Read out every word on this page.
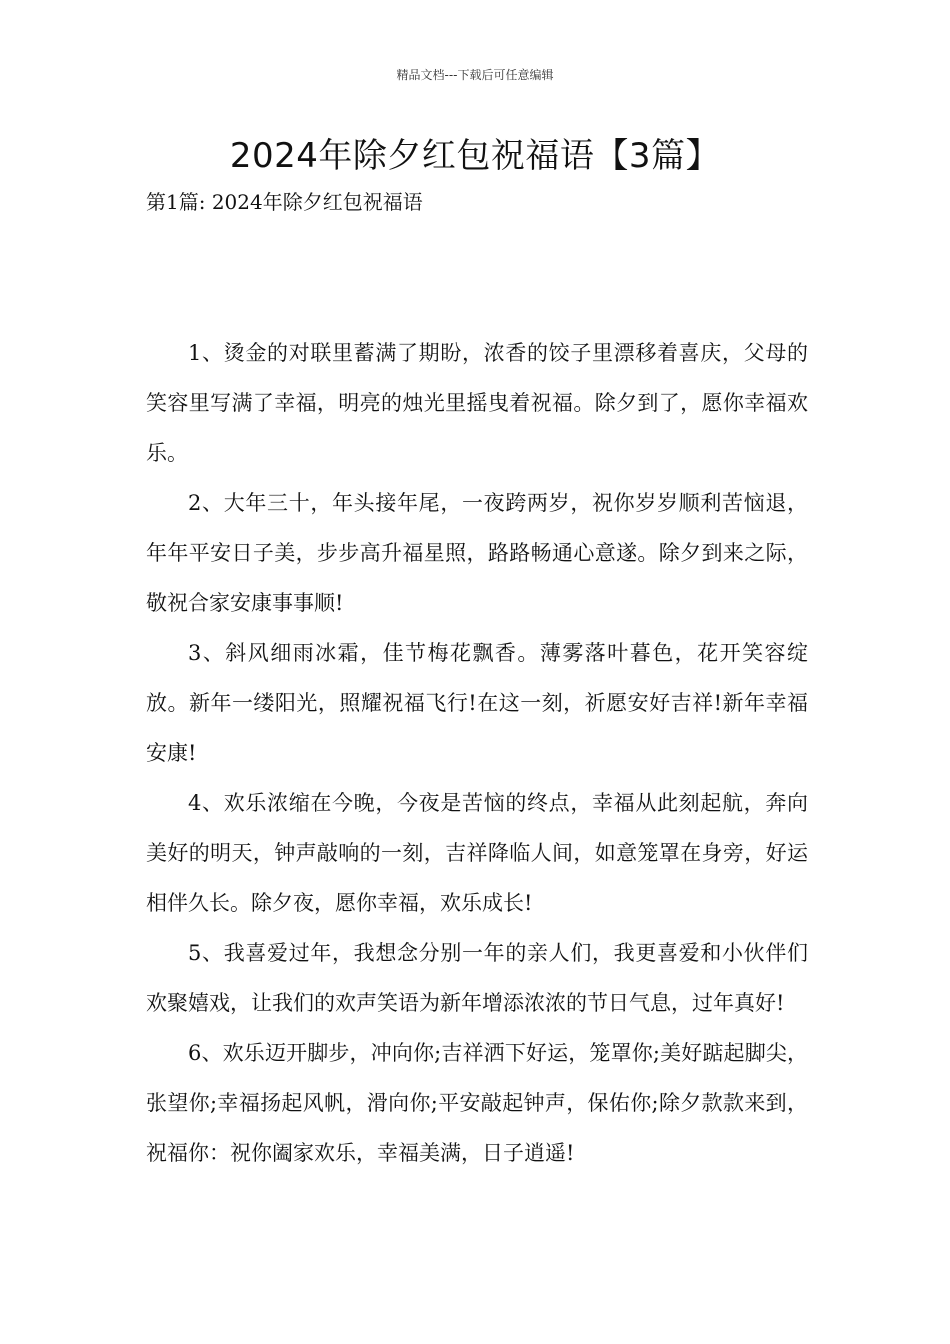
精品文档---下载后可任意编辑
2024年除夕红包祝福语【3篇】
第1篇: 2024年除夕红包祝福语

1、烫金的对联里蓄满了期盼，浓香的饺子里漂移着喜庆，父母的笑容里写满了幸福，明亮的烛光里摇曳着祝福。除夕到了，愿你幸福欢乐。

2、大年三十，年头接年尾，一夜跨两岁，祝你岁岁顺利苦恼退，年年平安日子美，步步高升福星照，路路畅通心意遂。除夕到来之际，敬祝合家安康事事顺!

3、斜风细雨冰霜，佳节梅花飘香。薄雾落叶暮色，花开笑容绽放。新年一缕阳光，照耀祝福飞行!在这一刻，祈愿安好吉祥!新年幸福安康!

4、欢乐浓缩在今晚，今夜是苦恼的终点，幸福从此刻起航，奔向美好的明天，钟声敲响的一刻，吉祥降临人间，如意笼罩在身旁，好运相伴久长。除夕夜，愿你幸福，欢乐成长!

5、我喜爱过年，我想念分别一年的亲人们，我更喜爱和小伙伴们欢聚嬉戏，让我们的欢声笑语为新年增添浓浓的节日气息，过年真好!

6、欢乐迈开脚步，冲向你;吉祥洒下好运，笼罩你;美好踮起脚尖，张望你;幸福扬起风帆，滑向你;平安敲起钟声，保佑你;除夕款款来到，祝福你：祝你阖家欢乐，幸福美满，日子逍遥!
